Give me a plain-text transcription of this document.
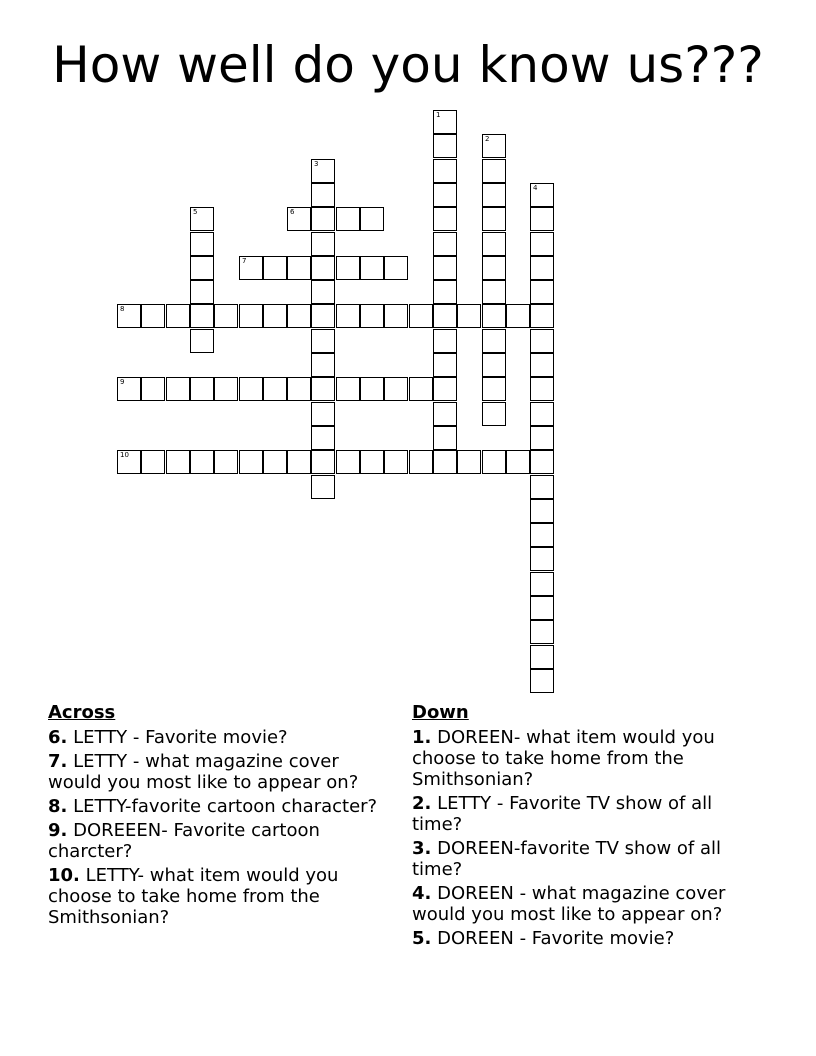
How well do you know us???
1
2
3
4
5	6
7
8
9
10
Across
6. LETTY - Favorite movie?
7. LETTY - what magazine cover would you most like to appear on?
8. LETTY-favorite cartoon character?
9. DOREEEN- Favorite cartoon charcter?
10. LETTY- what item would you choose to take home from the Smithsonian?
Down
1. DOREEN- what item would you choose to take home from the Smithsonian?
2. LETTY - Favorite TV show of all time?
3. DOREEN-favorite TV show of all time?
4. DOREEN - what magazine cover would you most like to appear on?
5. DOREEN - Favorite movie?
